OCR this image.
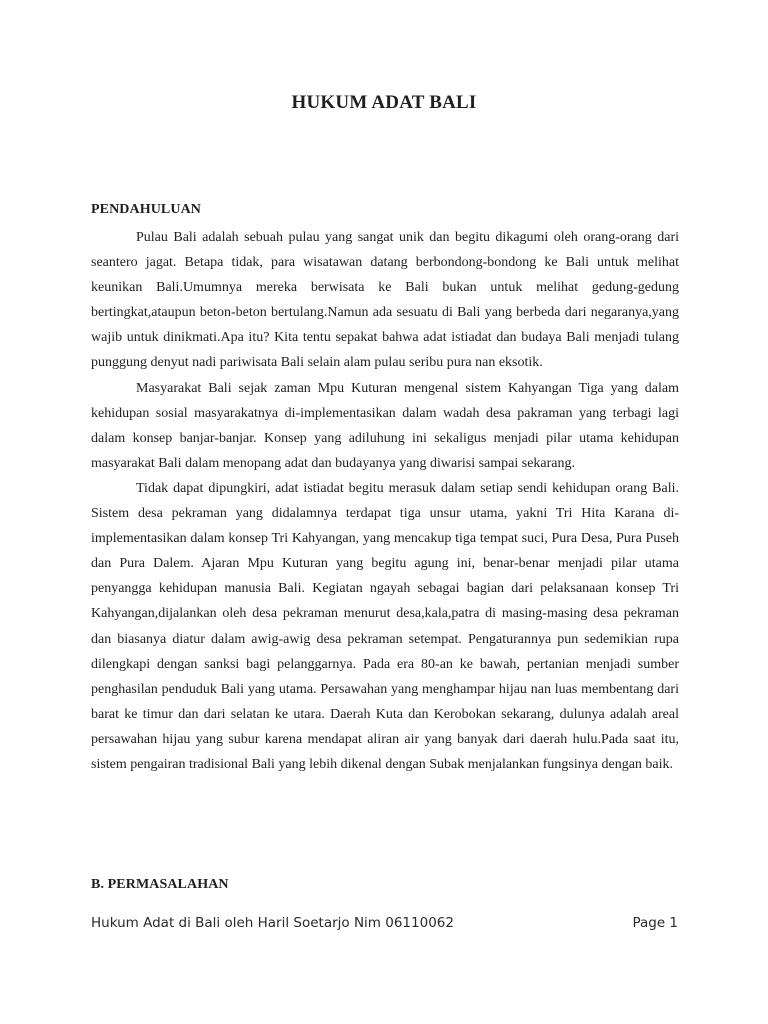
HUKUM ADAT BALI
PENDAHULUAN

Pulau Bali adalah sebuah pulau yang sangat unik dan begitu dikagumi oleh orang-orang dari seantero jagat. Betapa tidak, para wisatawan datang berbondong-bondong ke Bali untuk melihat keunikan Bali.Umumnya mereka berwisata ke Bali bukan untuk melihat gedung-gedung bertingkat,ataupun beton-beton bertulang.Namun ada sesuatu di Bali yang berbeda dari negaranya,yang wajib untuk dinikmati.Apa itu? Kita tentu sepakat bahwa adat istiadat dan budaya Bali menjadi tulang punggung denyut nadi pariwisata Bali selain alam pulau seribu pura nan eksotik.

Masyarakat Bali sejak zaman Mpu Kuturan mengenal sistem Kahyangan Tiga yang dalam kehidupan sosial masyarakatnya di-implementasikan dalam wadah desa pakraman yang terbagi lagi dalam konsep banjar-banjar. Konsep yang adiluhung ini sekaligus menjadi pilar utama kehidupan masyarakat Bali dalam menopang adat dan budayanya yang diwarisi sampai sekarang.

Tidak dapat dipungkiri, adat istiadat begitu merasuk dalam setiap sendi kehidupan orang Bali. Sistem desa pekraman yang didalamnya terdapat tiga unsur utama, yakni Tri Hita Karana di-implementasikan dalam konsep Tri Kahyangan, yang mencakup tiga tempat suci, Pura Desa, Pura Puseh dan Pura Dalem. Ajaran Mpu Kuturan yang begitu agung ini, benar-benar menjadi pilar utama penyangga kehidupan manusia Bali. Kegiatan ngayah sebagai bagian dari pelaksanaan konsep Tri Kahyangan,dijalankan oleh desa pekraman menurut desa,kala,patra di masing-masing desa pekraman dan biasanya diatur dalam awig-awig desa pekraman setempat. Pengaturannya pun sedemikian rupa dilengkapi dengan sanksi bagi pelanggarnya. Pada era 80-an ke bawah, pertanian menjadi sumber penghasilan penduduk Bali yang utama. Persawahan yang menghampar hijau nan luas membentang dari barat ke timur dan dari selatan ke utara. Daerah Kuta dan Kerobokan sekarang, dulunya adalah areal persawahan hijau yang subur karena mendapat aliran air yang banyak dari daerah hulu.Pada saat itu, sistem pengairan tradisional Bali yang lebih dikenal dengan Subak menjalankan fungsinya dengan baik.

B. PERMASALAHAN
Hukum Adat di Bali oleh Haril Soetarjo Nim 06110062	Page 1
